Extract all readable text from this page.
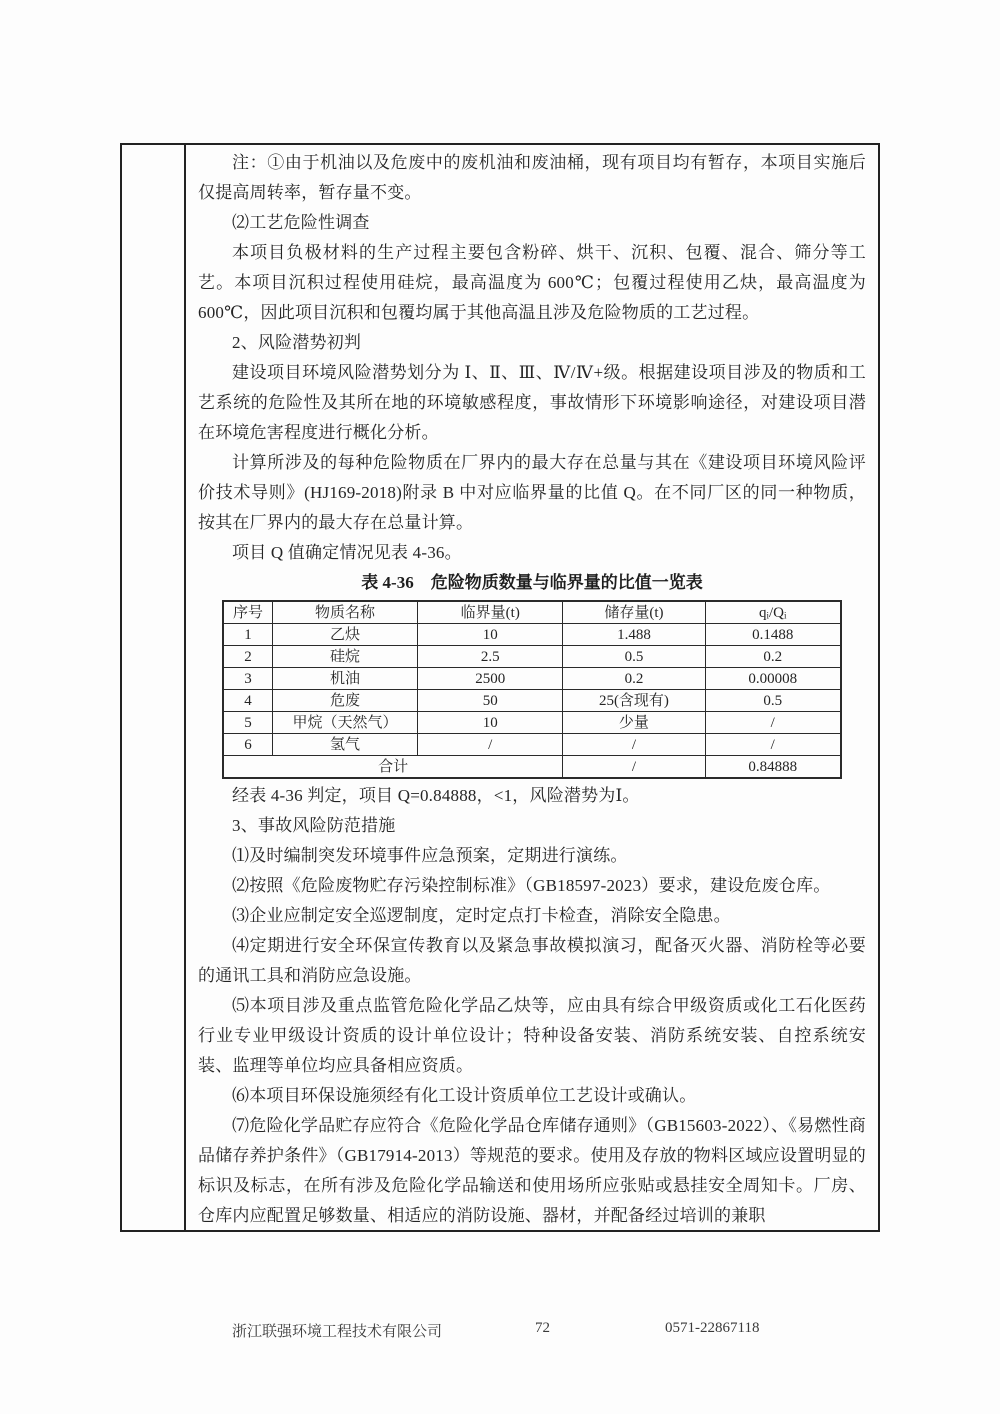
注：①由于机油以及危废中的废机油和废油桶，现有项目均有暂存，本项目实施后仅提高周转率，暂存量不变。

⑵工艺危险性调查

本项目负极材料的生产过程主要包含粉碎、烘干、沉积、包覆、混合、筛分等工艺。本项目沉积过程使用硅烷，最高温度为 600℃；包覆过程使用乙炔，最高温度为 600℃，因此项目沉积和包覆均属于其他高温且涉及危险物质的工艺过程。

2、风险潜势初判

建设项目环境风险潜势划分为 Ⅰ、Ⅱ、Ⅲ、Ⅳ/Ⅳ+级。根据建设项目涉及的物质和工艺系统的危险性及其所在地的环境敏感程度，事故情形下环境影响途径，对建设项目潜在环境危害程度进行概化分析。

计算所涉及的每种危险物质在厂界内的最大存在总量与其在《建设项目环境风险评价技术导则》(HJ169-2018)附录 B 中对应临界量的比值 Q。在不同厂区的同一种物质，按其在厂界内的最大存在总量计算。

项目 Q 值确定情况见表 4-36。

表 4-36　危险物质数量与临界量的比值一览表
序号	物质名称	临界量(t)	储存量(t)	qᵢ/Qᵢ
1	乙炔	10	1.488	0.1488
2	硅烷	2.5	0.5	0.2
3	机油	2500	0.2	0.00008
4	危废	50	25(含现有)	0.5
5	甲烷（天然气）	10	少量	/
6	氢气	/	/	/
合计			/	0.84888

经表 4-36 判定，项目 Q=0.84888，<1，风险潜势为Ⅰ。

3、事故风险防范措施

⑴及时编制突发环境事件应急预案，定期进行演练。

⑵按照《危险废物贮存污染控制标准》（GB18597-2023）要求，建设危废仓库。

⑶企业应制定安全巡逻制度，定时定点打卡检查，消除安全隐患。

⑷定期进行安全环保宣传教育以及紧急事故模拟演习，配备灭火器、消防栓等必要的通讯工具和消防应急设施。

⑸本项目涉及重点监管危险化学品乙炔等，应由具有综合甲级资质或化工石化医药行业专业甲级设计资质的设计单位设计；特种设备安装、消防系统安装、自控系统安装、监理等单位均应具备相应资质。

⑹本项目环保设施须经有化工设计资质单位工艺设计或确认。

⑺危险化学品贮存应符合《危险化学品仓库储存通则》（GB15603-2022）、《易燃性商品储存养护条件》（GB17914-2013）等规范的要求。使用及存放的物料区域应设置明显的标识及标志，在所有涉及危险化学品输送和使用场所应张贴或悬挂安全周知卡。厂房、仓库内应配置足够数量、相适应的消防设施、器材，并配备经过培训的兼职

浙江联强环境工程技术有限公司	72	0571-22867118
